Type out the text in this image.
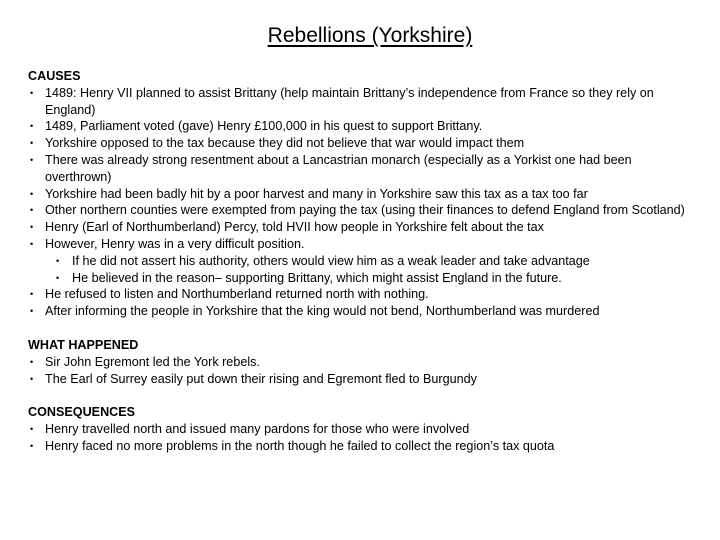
Rebellions (Yorkshire)
CAUSES
• 1489: Henry VII planned to assist Brittany (help maintain Brittany’s independence from France so they rely on England)
• 1489, Parliament voted (gave) Henry £100,000 in his quest to support Brittany.
• Yorkshire opposed to the tax because they did not believe that war would impact them
• There was already strong resentment about a Lancastrian monarch (especially as a Yorkist one had been overthrown)
• Yorkshire had been badly hit by a poor harvest and many in Yorkshire saw this tax as a tax too far
• Other northern counties were exempted from paying the tax (using their finances to defend England from Scotland)
• Henry (Earl of Northumberland) Percy, told HVII how people in Yorkshire felt about the tax
• However, Henry was in a very difficult position.
• If he did not assert his authority, others would view him as a weak leader and take advantage
• He believed in the reason– supporting Brittany, which might assist England in the future.
• He refused to listen and Northumberland returned north with nothing.
• After informing the people in Yorkshire that the king would not bend, Northumberland was murdered
WHAT HAPPENED
• Sir John Egremont led the York rebels.
• The Earl of Surrey easily put down their rising and Egremont fled to Burgundy
CONSEQUENCES
• Henry travelled north and issued many pardons for those who were involved
• Henry faced no more problems in the north though he failed to collect the region’s tax quota
